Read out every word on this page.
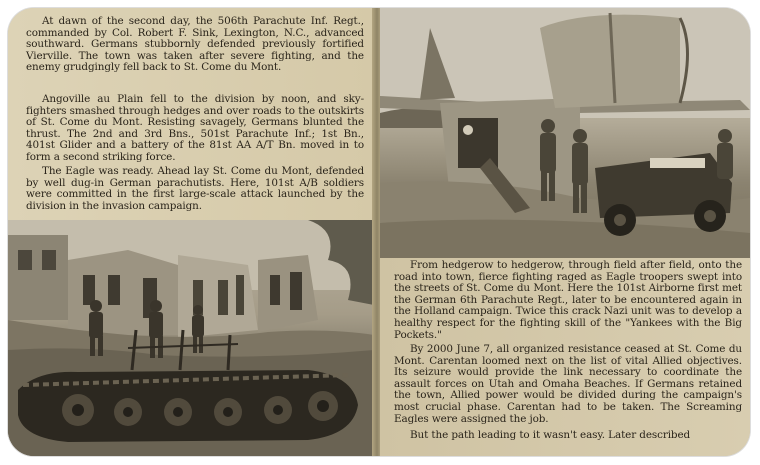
At dawn of the second day, the 506th Parachute Inf. Regt., commanded by Col. Robert F. Sink, Lexington, N.C., advanced southward. Germans stubbornly defended previously fortified Vierville. The town was taken after severe fighting, and the enemy grudgingly fell back to St. Come du Mont.

Angoville au Plain fell to the division by noon, and sky-fighters smashed through hedges and over roads to the outskirts of St. Come du Mont. Resisting savagely, Germans blunted the thrust. The 2nd and 3rd Bns., 501st Parachute Inf.; 1st Bn., 401st Glider and a battery of the 81st AA A/T Bn. moved in to form a second striking force.

The Eagle was ready. Ahead lay St. Come du Mont, defended by well dug-in German parachutists. Here, 101st A/B soldiers were committed in the first large-scale attack launched by the division in the invasion campaign.

From hedgerow to hedgerow, through field after field, onto the road into town, fierce fighting raged as Eagle troopers swept into the streets of St. Come du Mont. Here the 101st Airborne first met the German 6th Parachute Regt., later to be encountered again in the Holland campaign. Twice this crack Nazi unit was to develop a healthy respect for the fighting skill of the "Yankees with the Big Pockets."

By 2000 June 7, all organized resistance ceased at St. Come du Mont. Carentan loomed next on the list of vital Allied objectives. Its seizure would provide the link necessary to coordinate the assault forces on Utah and Omaha Beaches. If Germans retained the town, Allied power would be divided during the campaign's most crucial phase. Carentan had to be taken. The Screaming Eagles were assigned the job.

But the path leading to it wasn't easy. Later described
